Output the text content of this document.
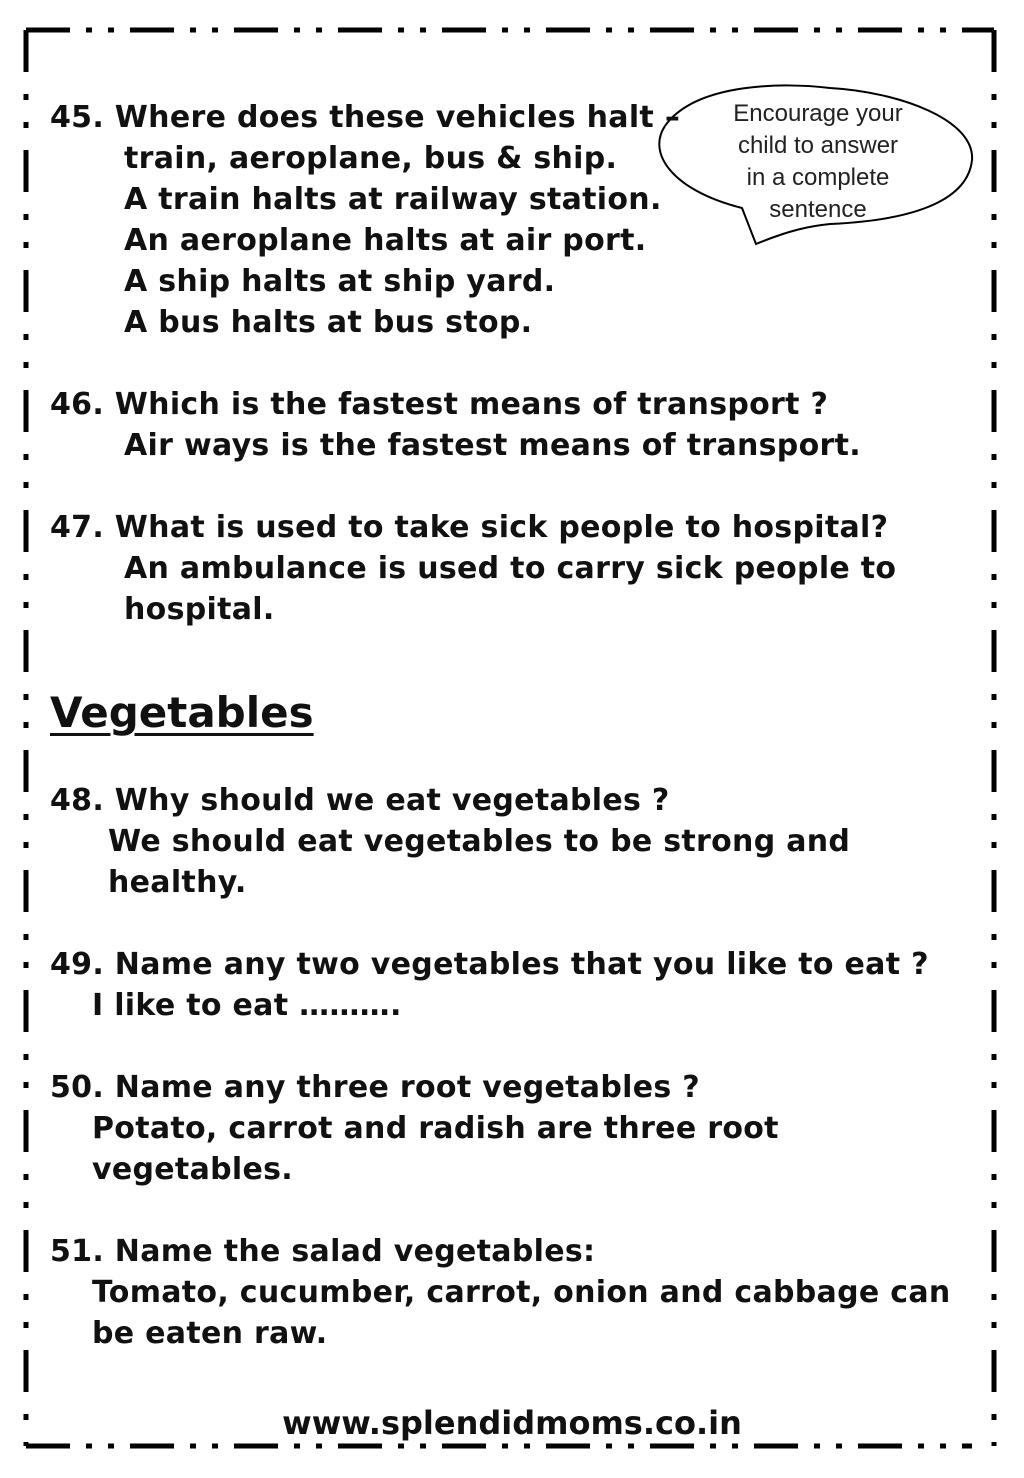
Encourage your
child to answer
in a complete
sentence
45. Where does these vehicles halt –
train, aeroplane, bus & ship.
A train halts at railway station.
An aeroplane halts at air port.
A ship halts at ship yard.
A bus halts at bus stop.
46. Which is the fastest means of transport ?
Air ways is the fastest means of transport.
47. What is used to take sick people to hospital?
An ambulance is used to carry sick people to
hospital.
Vegetables
48. Why should we eat vegetables ?
We should eat vegetables to be strong and
healthy.
49. Name any two vegetables that you like to eat ?
I like to eat ……….
50. Name any three root vegetables ?
Potato, carrot and radish are three root
vegetables.
51. Name the salad vegetables:
Tomato, cucumber, carrot, onion and cabbage can
be eaten raw.
www.splendidmoms.co.in
